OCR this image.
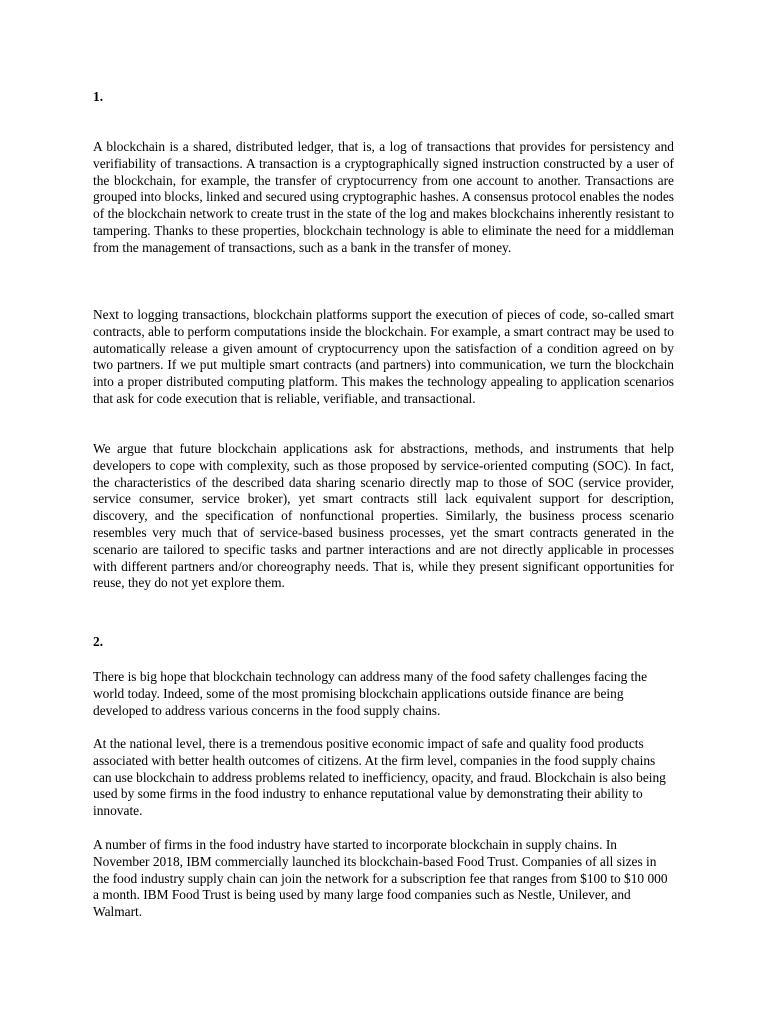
1.

A blockchain is a shared, distributed ledger, that is, a log of transactions that provides for persistency and verifiability of transactions. A transaction is a cryptographically signed instruction constructed by a user of the blockchain, for example, the transfer of cryptocurrency from one account to another. Transactions are grouped into blocks, linked and secured using cryptographic hashes. A consensus protocol enables the nodes of the blockchain network to create trust in the state of the log and makes blockchains inherently resistant to tampering. Thanks to these properties, blockchain technology is able to eliminate the need for a middleman from the management of transactions, such as a bank in the transfer of money.

Next to logging transactions, blockchain platforms support the execution of pieces of code, so-called smart contracts, able to perform computations inside the blockchain. For example, a smart contract may be used to automatically release a given amount of cryptocurrency upon the satisfaction of a condition agreed on by two partners. If we put multiple smart contracts (and partners) into communication, we turn the blockchain into a proper distributed computing platform. This makes the technology appealing to application scenarios that ask for code execution that is reliable, verifiable, and transactional.

We argue that future blockchain applications ask for abstractions, methods, and instruments that help developers to cope with complexity, such as those proposed by service-oriented computing (SOC). In fact, the characteristics of the described data sharing scenario directly map to those of SOC (service provider, service consumer, service broker), yet smart contracts still lack equivalent support for description, discovery, and the specification of nonfunctional properties. Similarly, the business process scenario resembles very much that of service-based business processes, yet the smart contracts generated in the scenario are tailored to specific tasks and partner interactions and are not directly applicable in processes with different partners and/or choreography needs. That is, while they present significant opportunities for reuse, they do not yet explore them.

2.

There is big hope that blockchain technology can address many of the food safety challenges facing the world today. Indeed, some of the most promising blockchain applications outside finance are being developed to address various concerns in the food supply chains.

At the national level, there is a tremendous positive economic impact of safe and quality food products associated with better health outcomes of citizens. At the firm level, companies in the food supply chains can use blockchain to address problems related to inefficiency, opacity, and fraud. Blockchain is also being used by some firms in the food industry to enhance reputational value by demonstrating their ability to innovate.

A number of firms in the food industry have started to incorporate blockchain in supply chains. In November 2018, IBM commercially launched its blockchain-based Food Trust. Companies of all sizes in the food industry supply chain can join the network for a subscription fee that ranges from $100 to $10 000 a month. IBM Food Trust is being used by many large food companies such as Nestle, Unilever, and Walmart.
